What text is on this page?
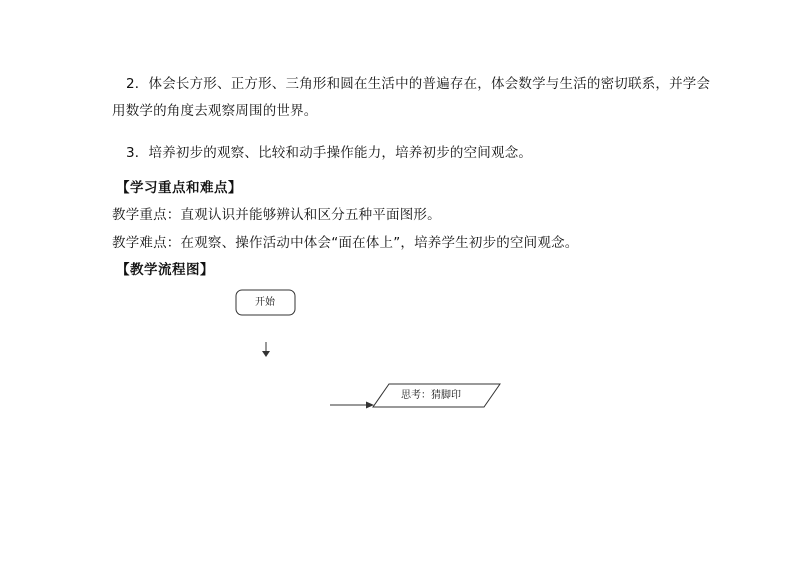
2．体会长方形、正方形、三角形和圆在生活中的普遍存在，体会数学与生活的密切联系，并学会
用数学的角度去观察周围的世界。
3．培养初步的观察、比较和动手操作能力，培养初步的空间观念。
【学习重点和难点】
教学重点：直观认识并能够辨认和区分五种平面图形。
教学难点：在观察、操作活动中体会“面在体上”，培养学生初步的空间观念。
【教学流程图】
开始
思考：猜脚印
